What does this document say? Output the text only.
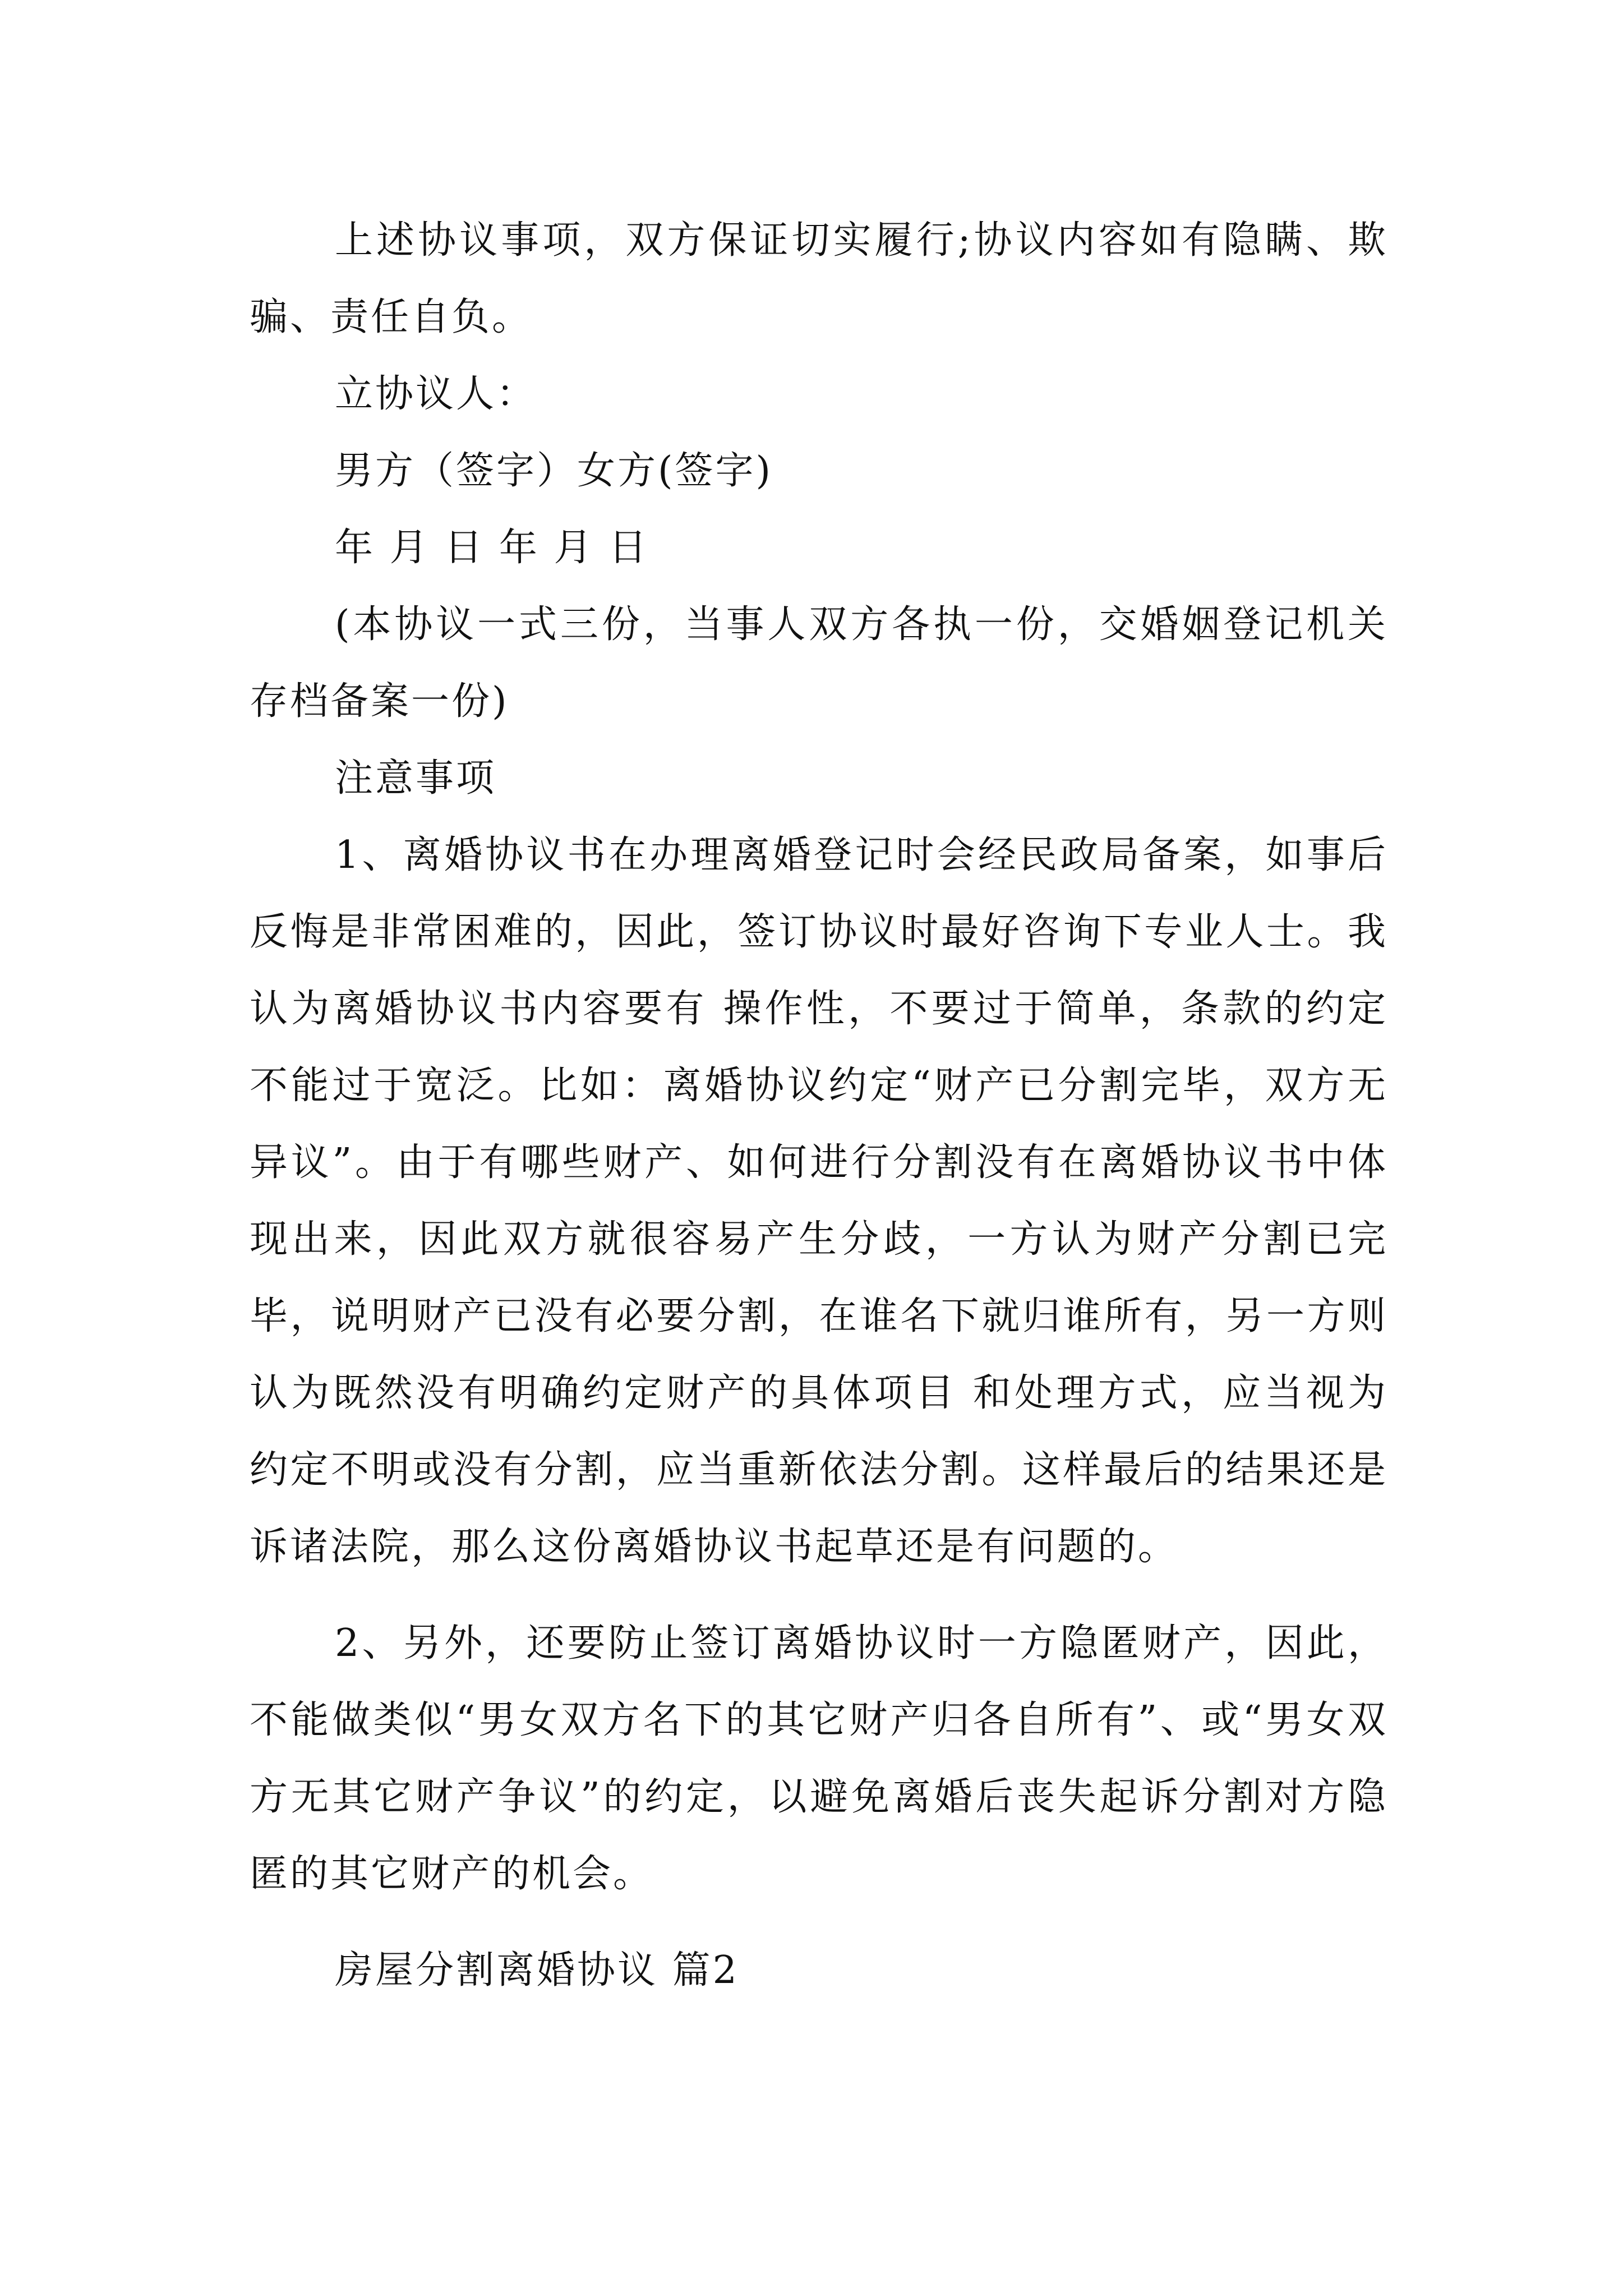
上述协议事项，双方保证切实履行;协议内容如有隐瞒、欺骗、责任自负。

立协议人：

男方（签字）女方(签字)

年 月 日 年 月 日

(本协议一式三份，当事人双方各执一份，交婚姻登记机关存档备案一份)

注意事项

1、离婚协议书在办理离婚登记时会经民政局备案，如事后反悔是非常困难的，因此，签订协议时最好咨询下专业人士。我认为离婚协议书内容要有 操作性，不要过于简单，条款的约定不能过于宽泛。比如：离婚协议约定“财产已分割完毕，双方无异议”。由于有哪些财产、如何进行分割没有在离婚协议书中体 现出来，因此双方就很容易产生分歧，一方认为财产分割已完毕，说明财产已没有必要分割，在谁名下就归谁所有，另一方则认为既然没有明确约定财产的具体项目 和处理方式，应当视为约定不明或没有分割，应当重新依法分割。这样最后的结果还是诉诸法院，那么这份离婚协议书起草还是有问题的。

2、另外，还要防止签订离婚协议时一方隐匿财产，因此，不能做类似“男女双方名下的其它财产归各自所有”、或“男女双方无其它财产争议”的约定，以避免离婚后丧失起诉分割对方隐匿的其它财产的机会。

房屋分割离婚协议 篇2
